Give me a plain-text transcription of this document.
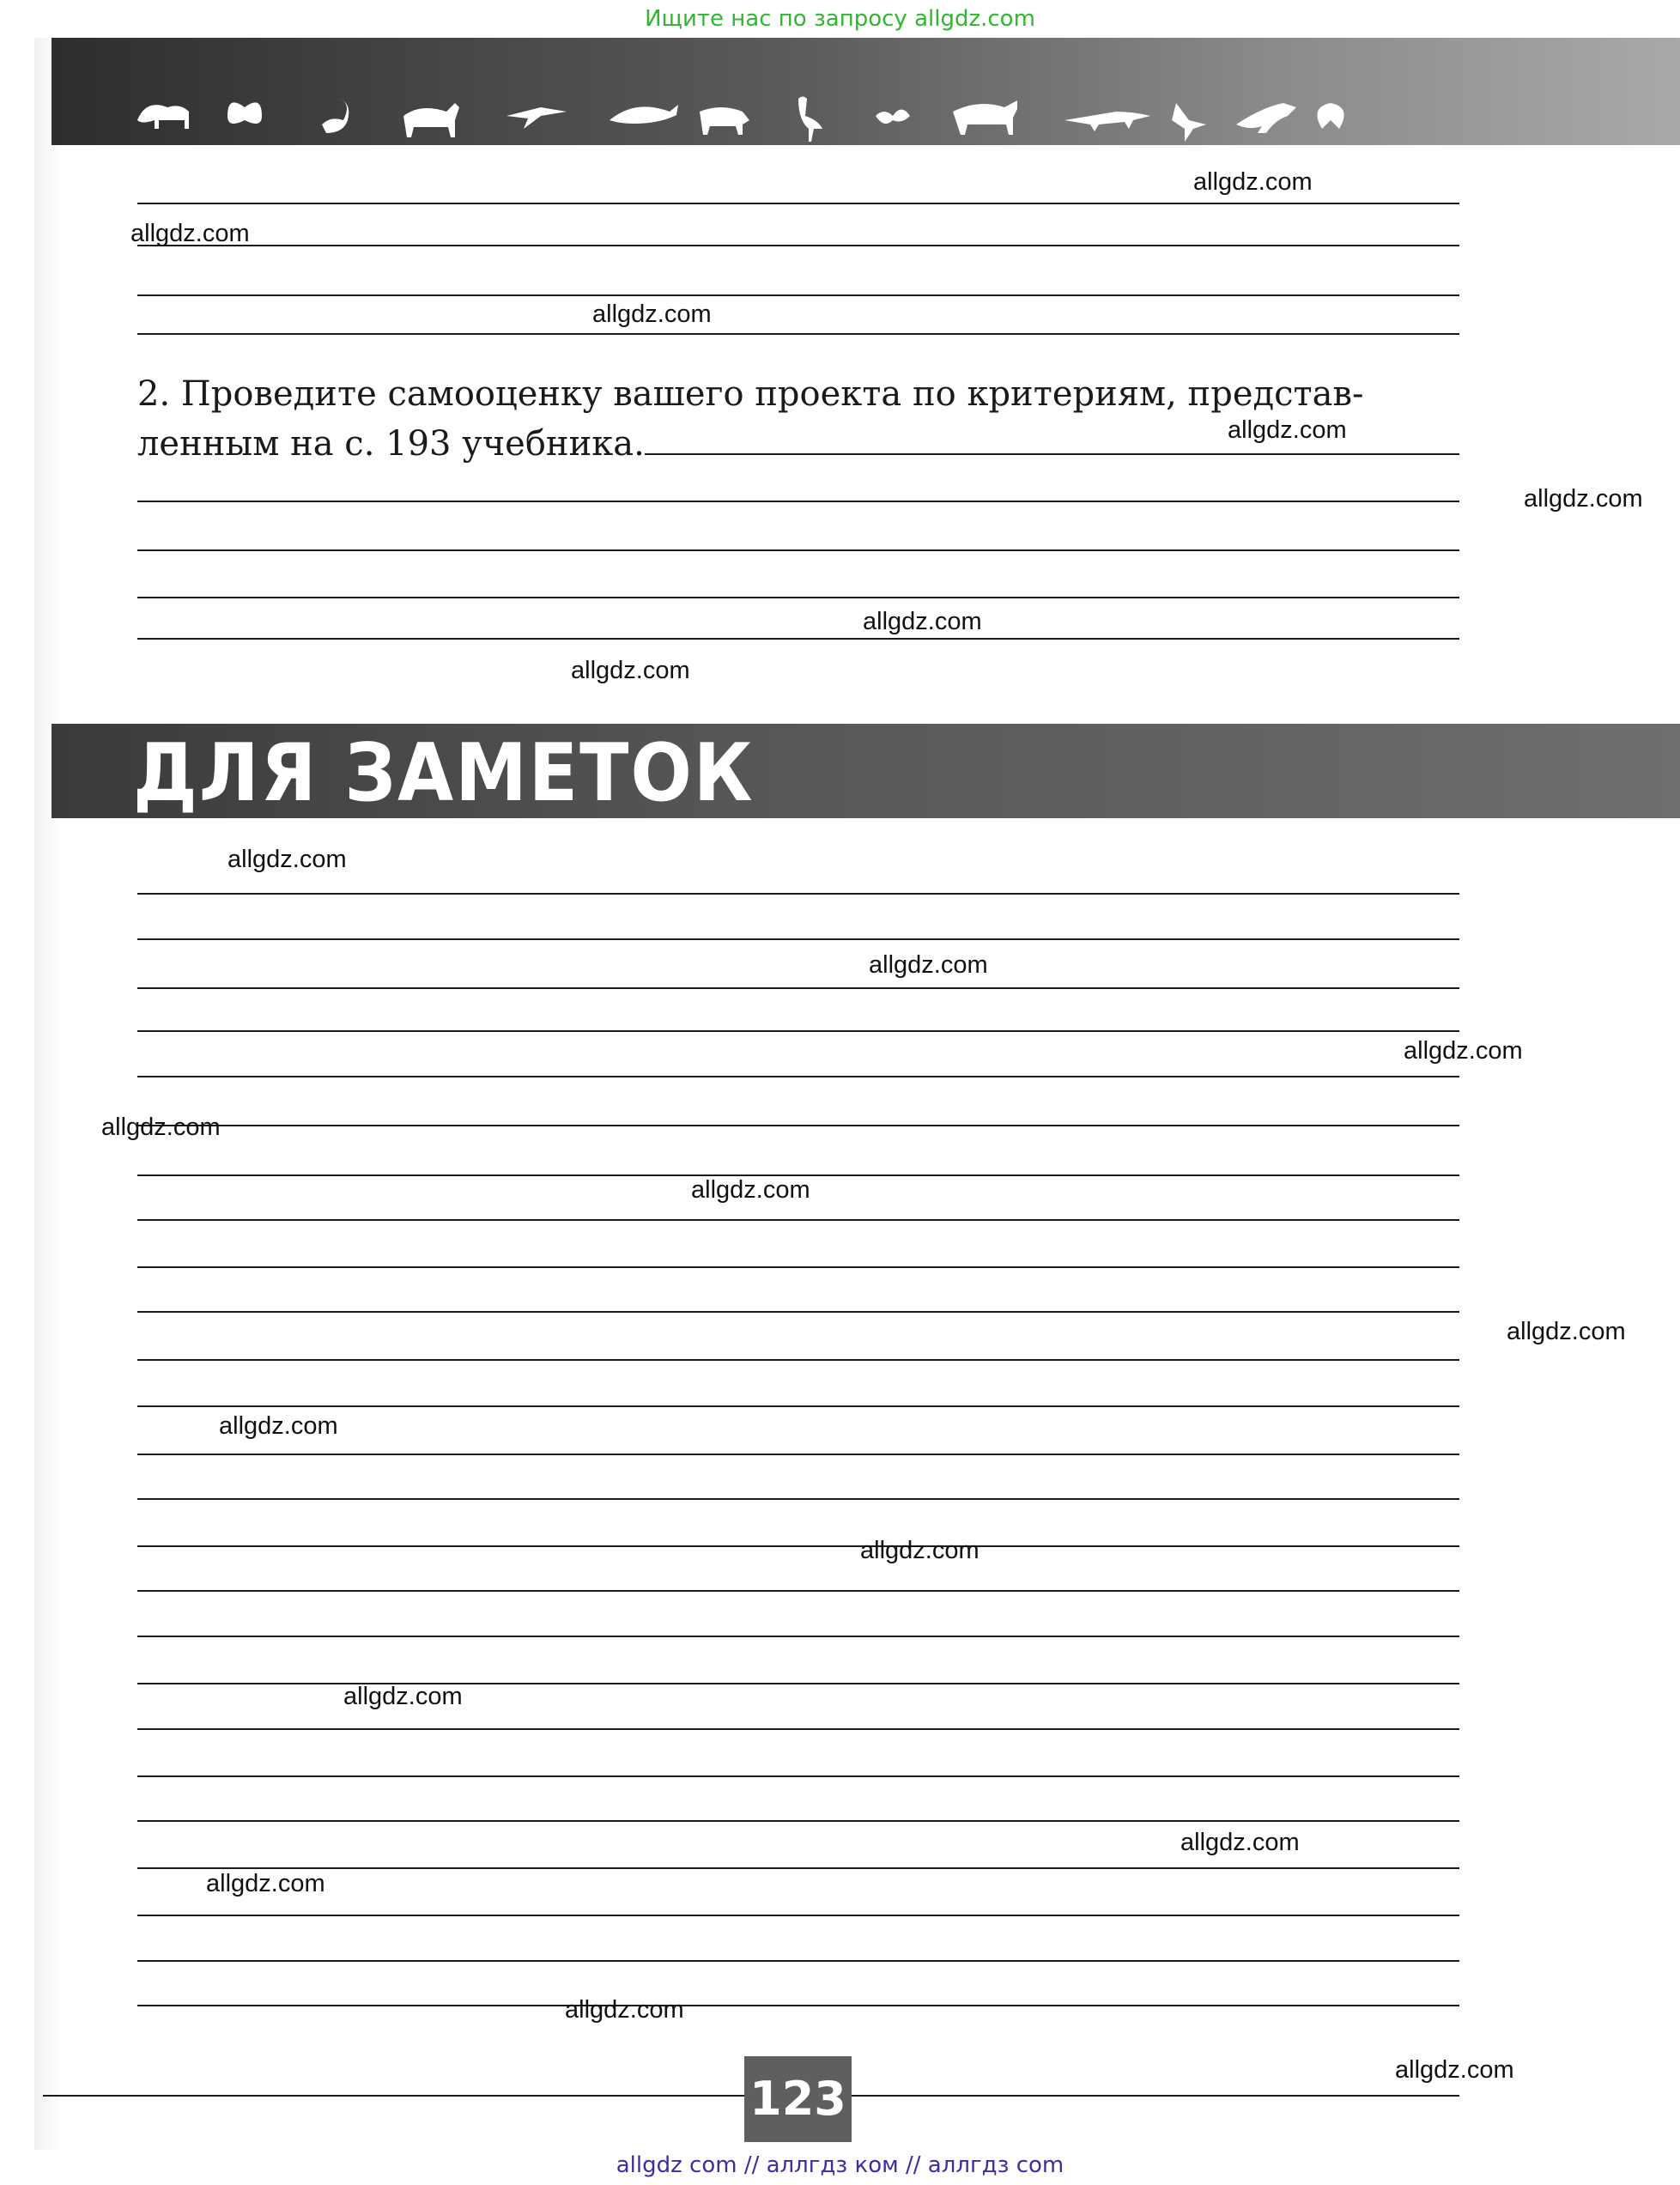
Ищите нас по запросу allgdz.com

2. Проведите самооценку вашего проекта по критериям, представ-
ленным на с. 193 учебника.
ДЛЯ ЗАМЕТОК
allgdz.com
allgdz.com
allgdz.com
allgdz.com
allgdz.com
allgdz.com
allgdz.com
allgdz.com
allgdz.com
allgdz.com
allgdz.com
allgdz.com
allgdz.com
allgdz.com
allgdz.com
allgdz.com
allgdz.com
allgdz.com
allgdz.com
allgdz.com
123
allgdz com // аллгдз ком // аллгдз com
